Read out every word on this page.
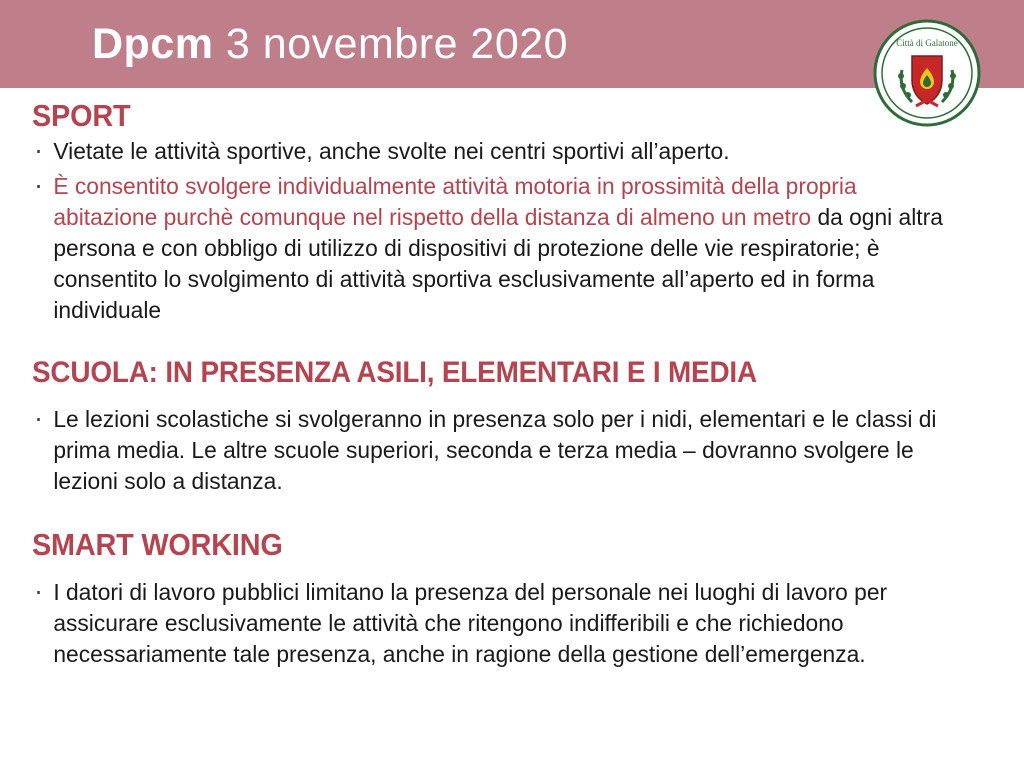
Dpcm 3 novembre 2020	Città di Galatone
SPORT
· Vietate le attività sportive, anche svolte nei centri sportivi all’aperto.
· È consentito svolgere individualmente attività motoria in prossimità della propria abitazione purchè comunque nel rispetto della distanza di almeno un metro da ogni altra persona e con obbligo di utilizzo di dispositivi di protezione delle vie respiratorie; è consentito lo svolgimento di attività sportiva esclusivamente all’aperto ed in forma individuale
SCUOLA: IN PRESENZA ASILI, ELEMENTARI E I MEDIA
· Le lezioni scolastiche si svolgeranno in presenza solo per i nidi, elementari e le classi di prima media. Le altre scuole superiori, seconda e terza media – dovranno svolgere le lezioni solo a distanza.
SMART WORKING
· I datori di lavoro pubblici limitano la presenza del personale nei luoghi di lavoro per assicurare esclusivamente le attività che ritengono indifferibili e che richiedono necessariamente tale presenza, anche in ragione della gestione dell’emergenza.
